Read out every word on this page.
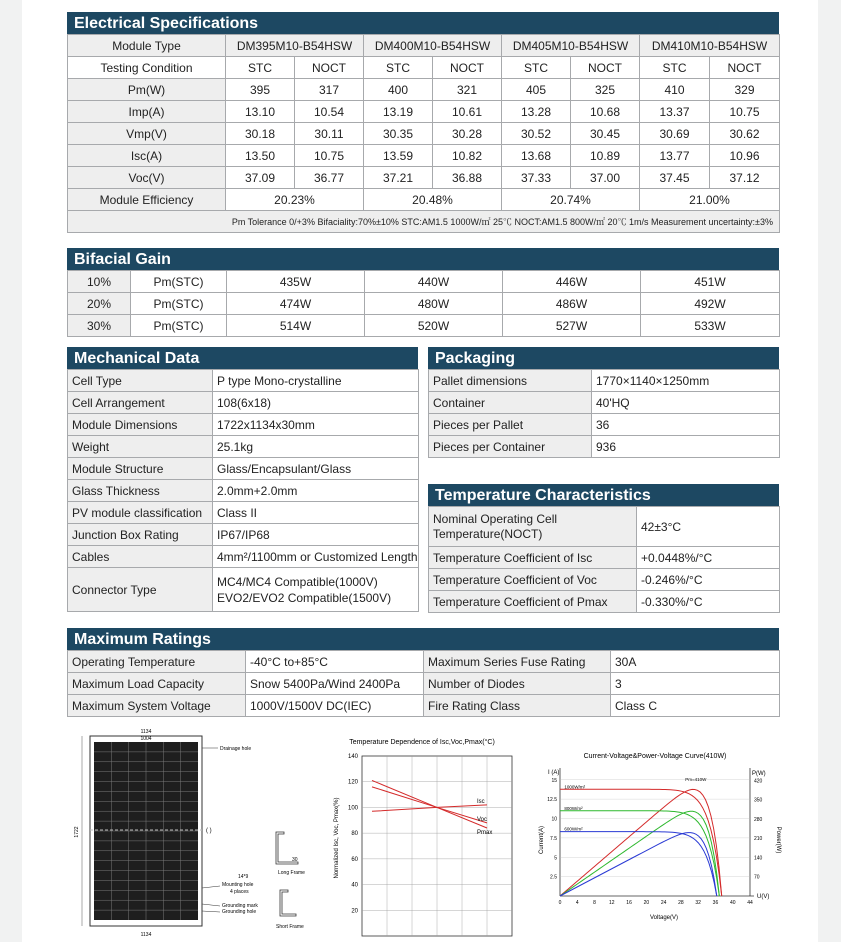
Electrical Specifications
Module Type	DM395M10-B54HSW		DM400M10-B54HSW		DM405M10-B54HSW		DM410M10-B54HSW	
Testing Condition	STC	NOCT	STC	NOCT	STC	NOCT	STC	NOCT
Pm(W)	395	317	400	321	405	325	410	329
Imp(A)	13.10	10.54	13.19	10.61	13.28	10.68	13.37	10.75
Vmp(V)	30.18	30.11	30.35	30.28	30.52	30.45	30.69	30.62
Isc(A)	13.50	10.75	13.59	10.82	13.68	10.89	13.77	10.96
Voc(V)	37.09	36.77	37.21	36.88	37.33	37.00	37.45	37.12
Module Efficiency	20.23%		20.48%		20.74%		21.00%	
Pm Tolerance 0/+3% Bifaciality:70%±10% STC:AM1.5 1000W/㎡ 25℃ NOCT:AM1.5 800W/㎡ 20℃ 1m/s Measurement uncertainty:±3%								
Bifacial Gain
10%	Pm(STC)	435W	440W	446W	451W
20%	Pm(STC)	474W	480W	486W	492W
30%	Pm(STC)	514W	520W	527W	533W
Mechanical Data
Cell Type	P type Mono-crystalline
Cell Arrangement	108(6x18)
Module Dimensions	1722x1134x30mm
Weight	25.1kg
Module Structure	Glass/Encapsulant/Glass
Glass Thickness	2.0mm+2.0mm
PV module classification	Class II
Junction Box Rating	IP67/IP68
Cables	4mm²/1100mm or Customized Length
Connector Type	MC4/MC4 Compatible(1000V)
EVO2/EVO2 Compatible(1500V)
Packaging
Pallet dimensions	1770×1140×1250mm
Container	40'HQ
Pieces per Pallet	36
Pieces per Container	936
Temperature Characteristics
Nominal Operating Cell
Temperature(NOCT)	42±3°C
Temperature Coefficient of Isc	+0.0448%/°C
Temperature Coefficient of Voc	-0.246%/°C
Temperature Coefficient of Pmax	-0.330%/°C
Maximum Ratings
Operating Temperature	-40°C to+85°C	Maximum Series Fuse Rating	30A
Maximum Load Capacity	Snow 5400Pa/Wind 2400Pa	Number of Diodes	3
Maximum System Voltage	1000V/1500V DC(IEC)	Fire Rating Class	Class C
1134
1004
1722
1134
Drainage hole
( )
14*9
Mounting hole
4 places
Grounding mark
Grounding hole
30
Long Frame
Short Frame
Temperature Dependence of Isc,Voc,Pmax(°C)
Normalized Isc, Voc, Pmax(%)
20
40
60
80
100
120
140
Isc
Voc
Pmax
Current-Voltage&Power-Voltage Curve(410W)
I (A)	P(W)
U(V)
Current(A)	Power(W)
Voltage(V)
0	4	8	12 16 20 24 28 32 36 40 44
2.5
5
7.5
10
12.5
15
70
140
210
280
350
420
1000W/m²
800W/m²
600W/m²
Pm=410W
